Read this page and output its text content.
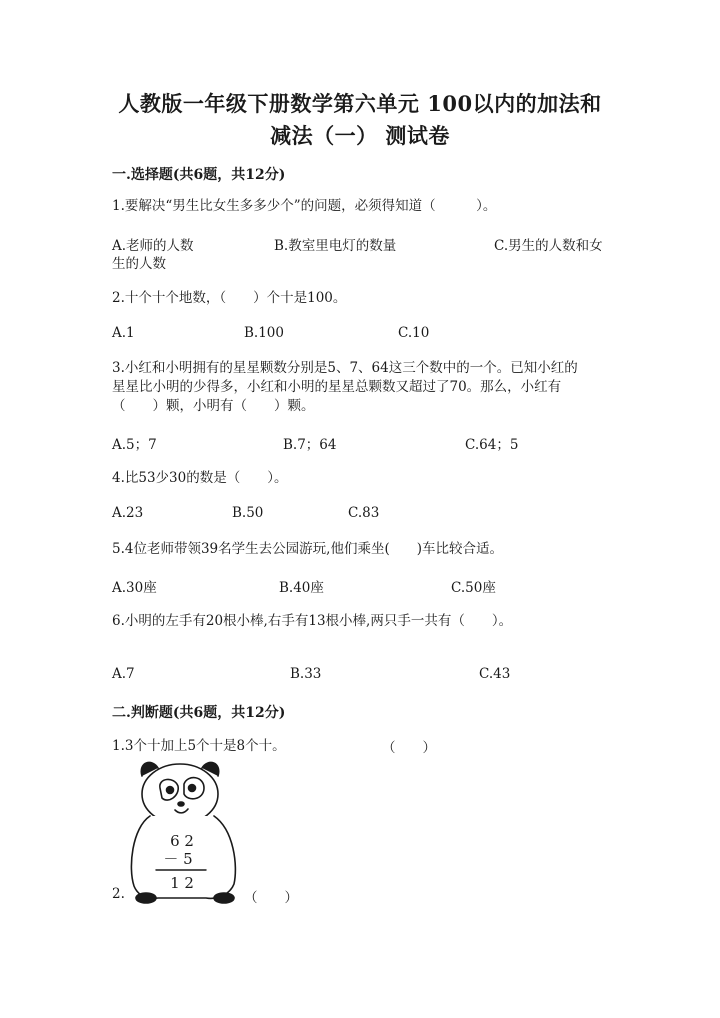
人教版一年级下册数学第六单元 100以内的加法和
减法（一） 测试卷
一.选择题(共6题，共12分)
1.要解决“男生比女生多多少个”的问题，必须得知道（　　　）。
A.老师的人数	B.教室里电灯的数量	C.男生的人数和女
生的人数
2.十个十个地数，（　　）个十是100。
A.1	B.100	C.10
3.小红和小明拥有的星星颗数分别是5、7、64这三个数中的一个。已知小红的
星星比小明的少得多，小红和小明的星星总颗数又超过了70。那么，小红有
（　　）颗，小明有（　　）颗。
A.5；7	B.7；64	C.64；5
4.比53少30的数是（　　）。
A.23	B.50	C.83
5.4位老师带领39名学生去公园游玩,他们乘坐(　　)车比较合适。
A.30座	B.40座	C.50座
6.小明的左手有20根小棒,右手有13根小棒,两只手一共有（　　）。
A.7	B.33	C.43
二.判断题(共6题，共12分)
1.3个十加上5个十是8个十。	（　　）
2.	（　　）
6 2
－ 5
1 2
